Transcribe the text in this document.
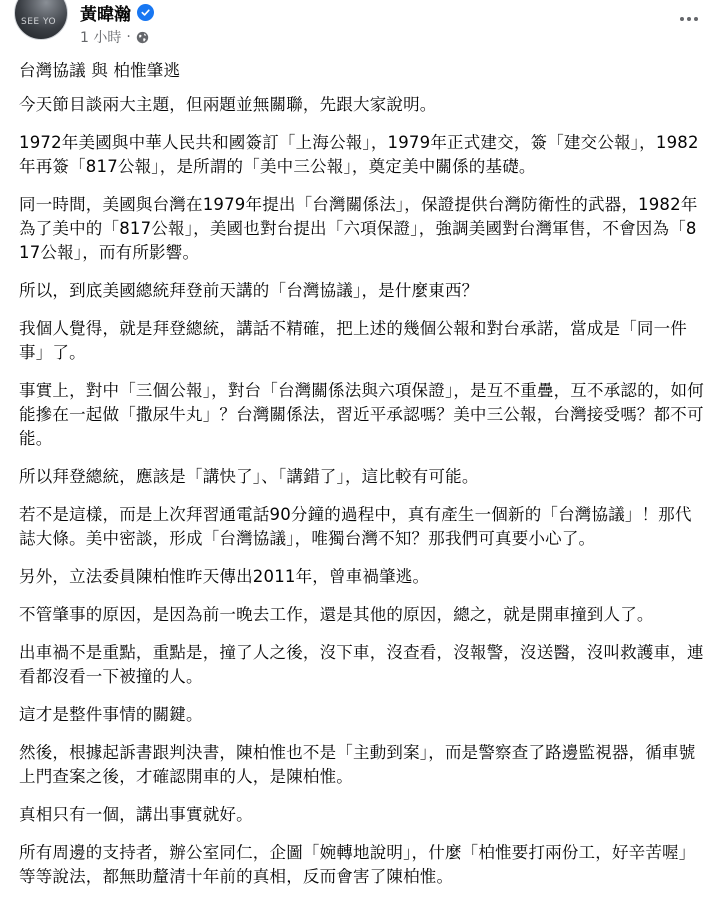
SEE YO 黃暐瀚
1 小時 ·

台灣協議 與 柏惟肇逃

今天節目談兩大主題，但兩題並無關聯，先跟大家說明。

1972年美國與中華人民共和國簽訂「上海公報」，1979年正式建交，簽「建交公報」，1982年再簽「817公報」，是所謂的「美中三公報」，奠定美中關係的基礎。

同一時間，美國與台灣在1979年提出「台灣關係法」，保證提供台灣防衛性的武器，1982年為了美中的「817公報」，美國也對台提出「六項保證」，強調美國對台灣軍售，不會因為「817公報」，而有所影響。

所以，到底美國總統拜登前天講的「台灣協議」，是什麼東西？

我個人覺得，就是拜登總統，講話不精確，把上述的幾個公報和對台承諾，當成是「同一件事」了。

事實上，對中「三個公報」，對台「台灣關係法與六項保證」，是互不重疊，互不承認的，如何能摻在一起做「撒尿牛丸」？台灣關係法，習近平承認嗎？美中三公報，台灣接受嗎？都不可能。

所以拜登總統，應該是「講快了」、「講錯了」，這比較有可能。

若不是這樣，而是上次拜習通電話90分鐘的過程中，真有產生一個新的「台灣協議」！那代誌大條。美中密談，形成「台灣協議」，唯獨台灣不知？那我們可真要小心了。

另外，立法委員陳柏惟昨天傳出2011年，曾車禍肇逃。

不管肇事的原因，是因為前一晚去工作，還是其他的原因，總之，就是開車撞到人了。

出車禍不是重點，重點是，撞了人之後，沒下車，沒查看，沒報警，沒送醫，沒叫救護車，連看都沒看一下被撞的人。

這才是整件事情的關鍵。

然後，根據起訴書跟判決書，陳柏惟也不是「主動到案」，而是警察查了路邊監視器，循車號上門查案之後，才確認開車的人，是陳柏惟。

真相只有一個，講出事實就好。

所有周邊的支持者，辦公室同仁，企圖「婉轉地說明」，什麼「柏惟要打兩份工，好辛苦喔」等等說法，都無助釐清十年前的真相，反而會害了陳柏惟。
